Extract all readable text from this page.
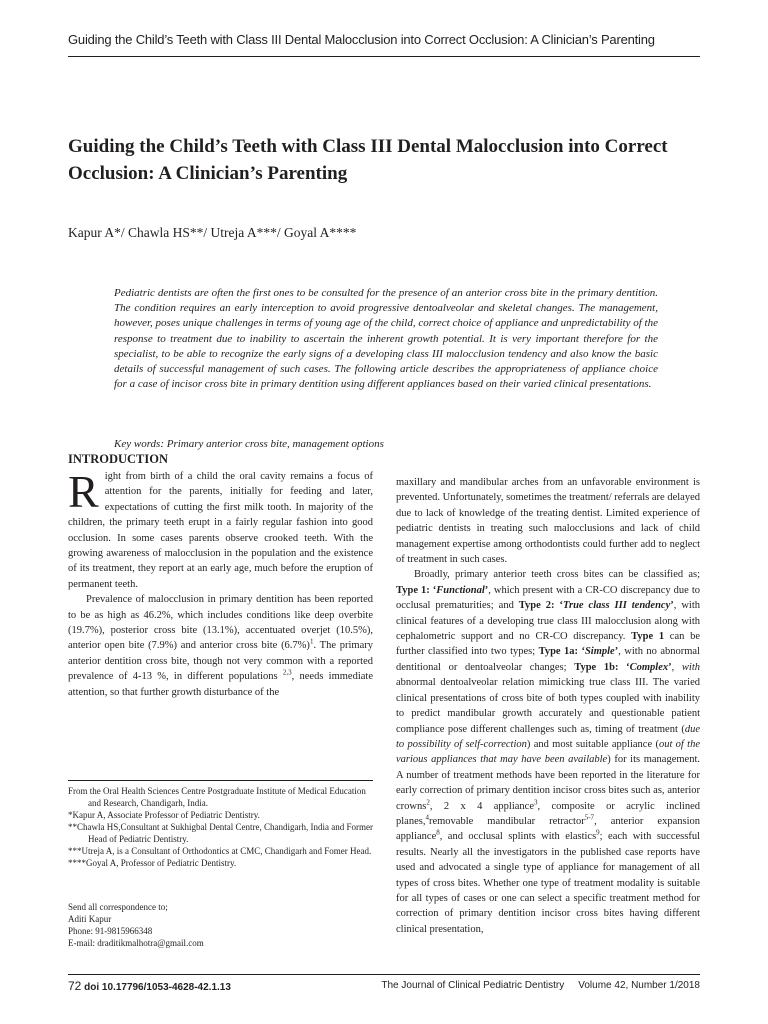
Guiding the Child’s Teeth with Class III Dental Malocclusion into Correct Occlusion: A Clinician’s Parenting
Guiding the Child’s Teeth with Class III Dental Malocclusion into Correct Occlusion: A Clinician’s Parenting
Kapur A*/ Chawla HS**/ Utreja A***/ Goyal A****

Pediatric dentists are often the first ones to be consulted for the presence of an anterior cross bite in the primary dentition. The condition requires an early interception to avoid progressive dentoalveolar and skeletal changes. The management, however, poses unique challenges in terms of young age of the child, correct choice of appliance and unpredictability of the response to treatment due to inability to ascertain the inherent growth potential. It is very important therefore for the specialist, to be able to recognize the early signs of a developing class III malocclusion tendency and also know the basic details of successful management of such cases. The following article describes the appropriateness of appliance choice for a case of incisor cross bite in primary dentition using different appliances based on their varied clinical presentations.

Key words: Primary anterior cross bite, management options
INTRODUCTION

Right from birth of a child the oral cavity remains a focus of attention for the parents, initially for feeding and later, expectations of cutting the first milk tooth. In majority of the children, the primary teeth erupt in a fairly regular fashion into good occlusion. In some cases parents observe crooked teeth. With the growing awareness of malocclusion in the population and the existence of its treatment, they report at an early age, much before the eruption of permanent teeth.

Prevalence of malocclusion in primary dentition has been reported to be as high as 46.2%, which includes conditions like deep overbite (19.7%), posterior cross bite (13.1%), accentuated overjet (10.5%), anterior open bite (7.9%) and anterior cross bite $(6.7\%)^1$. The primary anterior dentition cross bite, though not very common with a reported prevalence of 4-13 %, in different populations $^{2,3}$, needs immediate attention, so that further growth disturbance of the

maxillary and mandibular arches from an unfavorable environment is prevented. Unfortunately, sometimes the treatment/ referrals are delayed due to lack of knowledge of the treating dentist. Limited experience of pediatric dentists in treating such malocclusions and lack of child management expertise among orthodontists could further add to neglect of treatment in such cases.

Broadly, primary anterior teeth cross bites can be classified as; Type 1: ‘Functional’, which present with a CR-CO discrepancy due to occlusal prematurities; and Type 2: ‘True class III tendency’, with clinical features of a developing true class III malocclusion along with cephalometric support and no CR-CO discrepancy. Type 1 can be further classified into two types; Type 1a: ‘Simple’, with no abnormal dentitional or dentoalveolar changes; Type 1b: ‘Complex’, with abnormal dentoalveolar relation mimicking true class III. The varied clinical presentations of cross bite of both types coupled with inability to predict mandibular growth accurately and questionable patient compliance pose different challenges such as, timing of treatment (due to possibility of self-correction) and most suitable appliance (out of the various appliances that may have been available) for its management. A number of treatment methods have been reported in the literature for early correction of primary dentition incisor cross bites such as, anterior crowns$^2$, 2 x 4 appliance$^3$, composite or acrylic inclined planes,$^4$removable mandibular retractor$^{5-7}$, anterior expansion appliance$^8$, and occlusal splints with elastics$^9$; each with successful results. Nearly all the investigators in the published case reports have used and advocated a single type of appliance for management of all types of cross bites. Whether one type of treatment modality is suitable for all types of cases or one can select a specific treatment method for correction of primary dentition incisor cross bites having different clinical presentation,

From the Oral Health Sciences Centre Postgraduate Institute of Medical Education and Research, Chandigarh, India.

*Kapur A, Associate Professor of Pediatric Dentistry.

**Chawla HS,Consultant at Sukhigbal Dental Centre, Chandigarh, India and Former Head of Pediatric Dentistry.

***Utreja A, is a Consultant of Orthodontics at CMC, Chandigarh and Fomer Head.

****Goyal A, Professor of Pediatric Dentistry.

Send all correspondence to;
Aditi Kapur
Phone: 91-9815966348
E-mail: draditikmalhotra@gmail.com
72 doi 10.17796/1053-4628-42.1.13	The Journal of Clinical Pediatric Dentistry Volume 42, Number 1/2018
